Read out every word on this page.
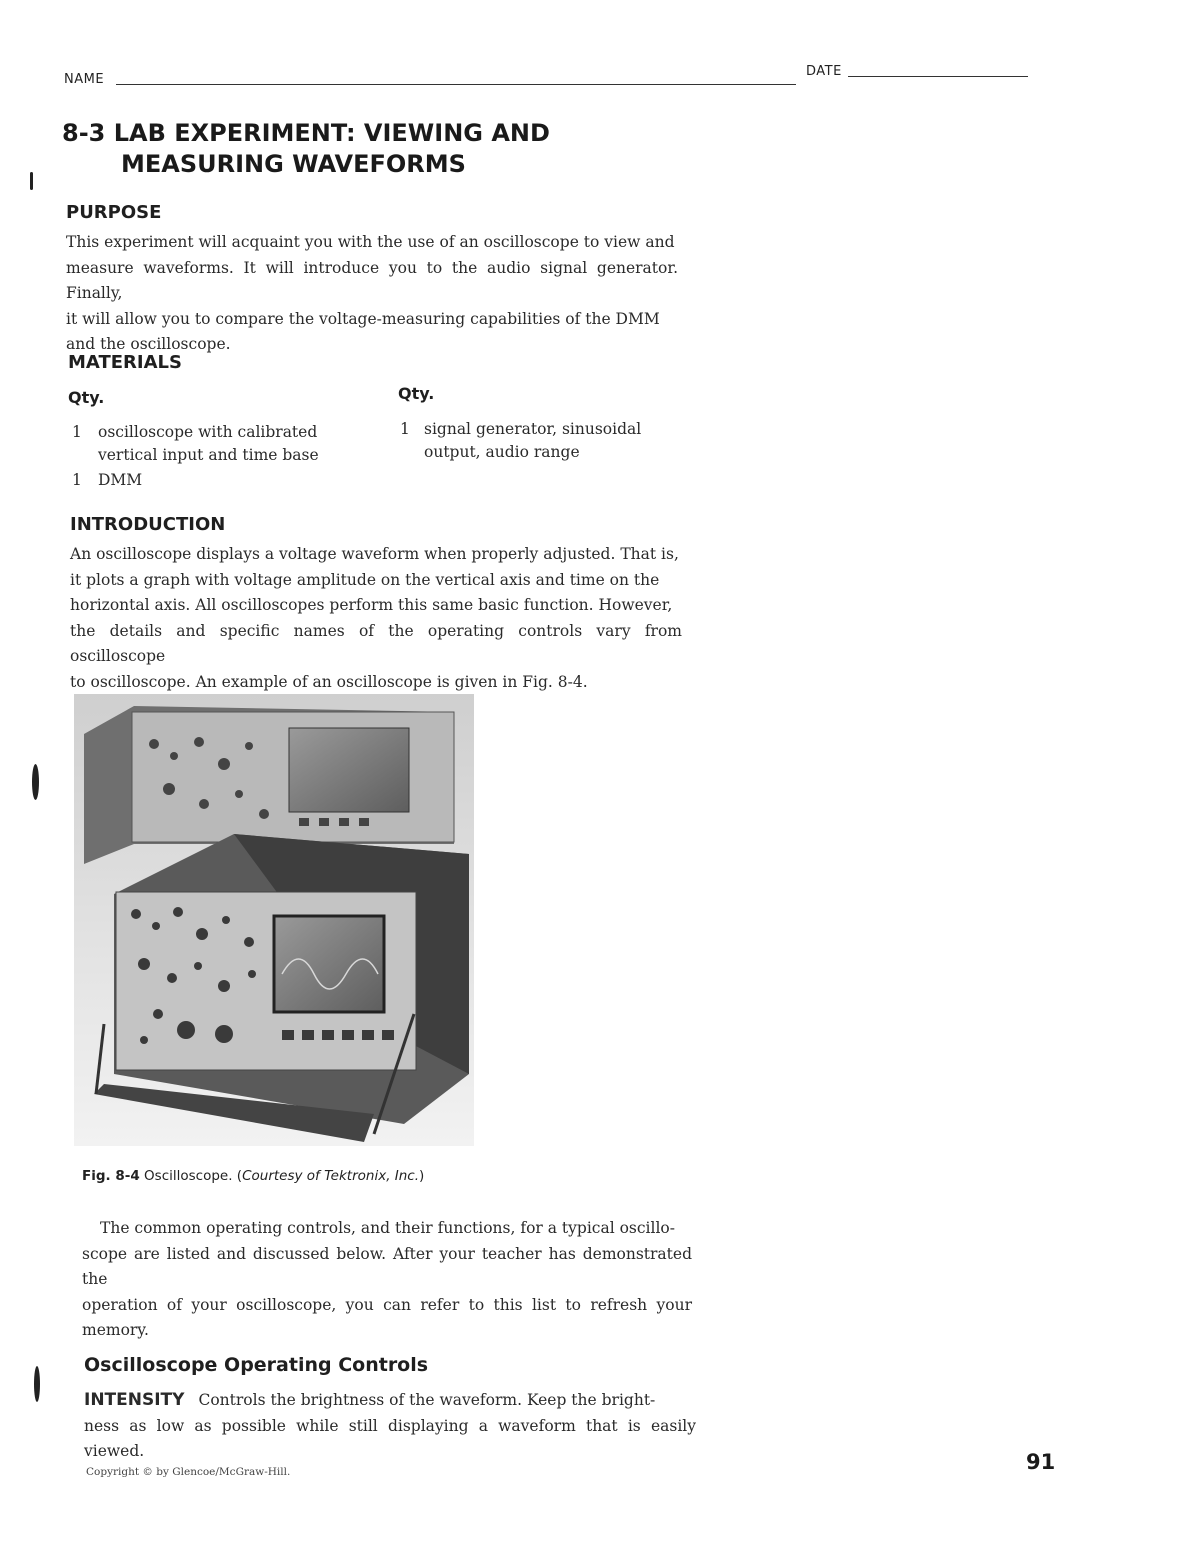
NAME
DATE
8-3 LAB EXPERIMENT: VIEWING AND
MEASURING WAVEFORMS
PURPOSE
This experiment will acquaint you with the use of an oscilloscope to view and
measure waveforms. It will introduce you to the audio signal generator. Finally,
it will allow you to compare the voltage-measuring capabilities of the DMM
and the oscilloscope.
MATERIALS
Qty.	Qty.
1 oscilloscope with calibrated
vertical input and time base
1 DMM
1 signal generator, sinusoidal
output, audio range
INTRODUCTION
An oscilloscope displays a voltage waveform when properly adjusted. That is,
it plots a graph with voltage amplitude on the vertical axis and time on the
horizontal axis. All oscilloscopes perform this same basic function. However,
the details and specific names of the operating controls vary from oscilloscope
to oscilloscope. An example of an oscilloscope is given in Fig. 8-4.
Fig. 8-4 Oscilloscope. (Courtesy of Tektronix, Inc.)
The common operating controls, and their functions, for a typical oscillo-
scope are listed and discussed below. After your teacher has demonstrated the
operation of your oscilloscope, you can refer to this list to refresh your memory.
Oscilloscope Operating Controls
INTENSITY Controls the brightness of the waveform. Keep the bright-
ness as low as possible while still displaying a waveform that is easily viewed.
Copyright © by Glencoe/McGraw-Hill.	91
